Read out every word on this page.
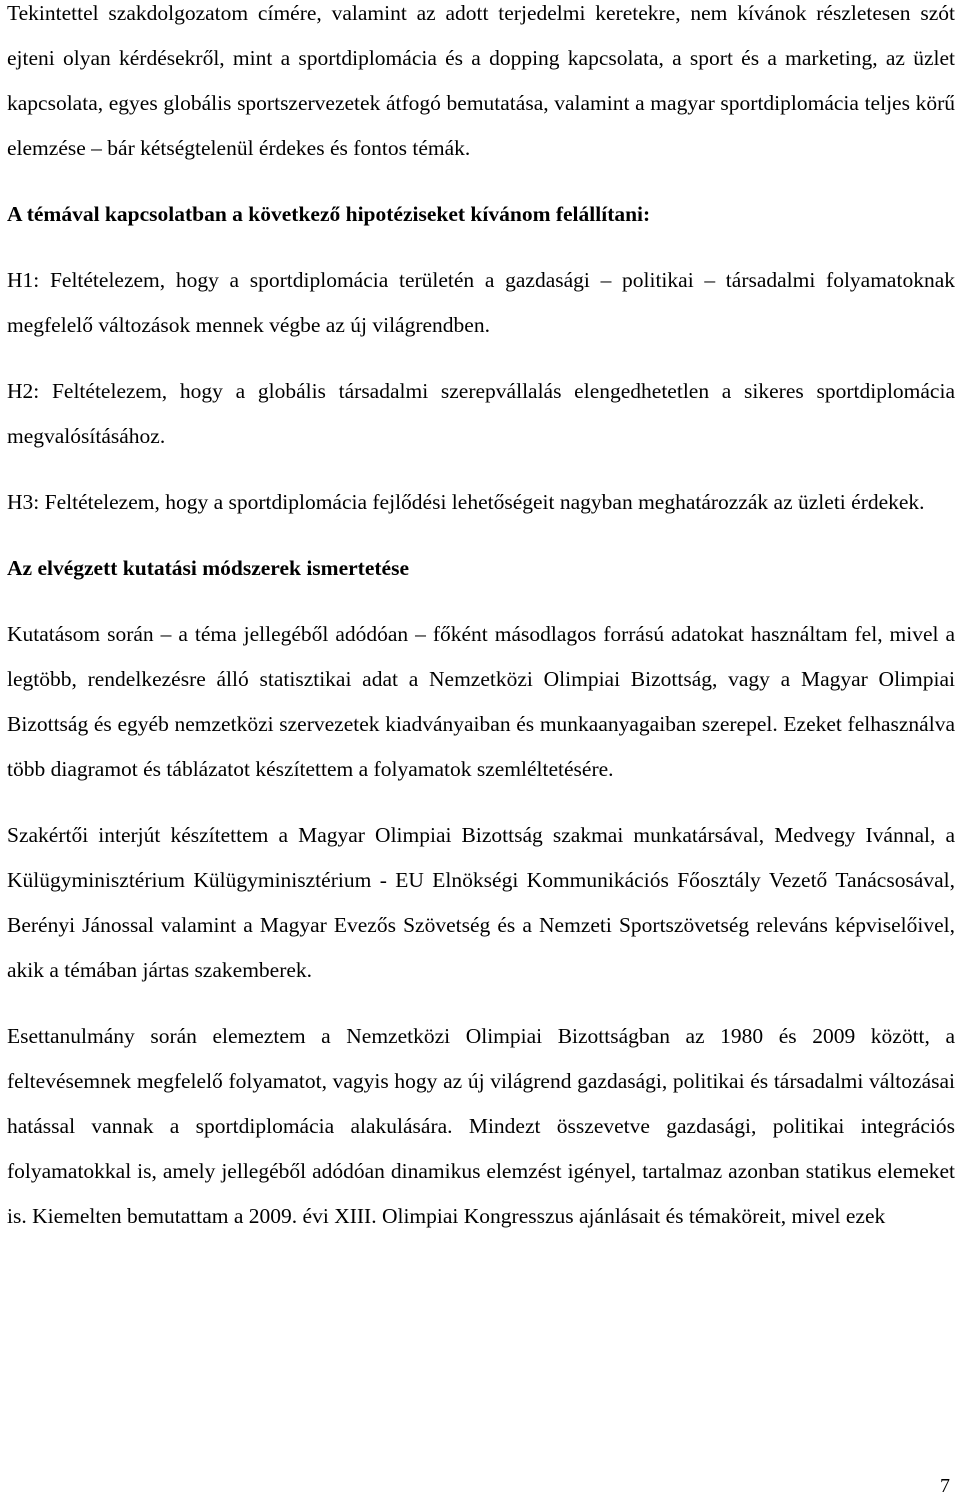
Tekintettel szakdolgozatom címére, valamint az adott terjedelmi keretekre, nem kívánok részletesen szót ejteni olyan kérdésekről, mint a sportdiplomácia és a dopping kapcsolata, a sport és a marketing, az üzlet kapcsolata, egyes globális sportszervezetek átfogó bemutatása, valamint a magyar sportdiplomácia teljes körű elemzése – bár kétségtelenül érdekes és fontos témák.

A témával kapcsolatban a következő hipotéziseket kívánom felállítani:

H1: Feltételezem, hogy a sportdiplomácia területén a gazdasági – politikai – társadalmi folyamatoknak megfelelő változások mennek végbe az új világrendben.

H2: Feltételezem, hogy a globális társadalmi szerepvállalás elengedhetetlen a sikeres sportdiplomácia megvalósításához.

H3: Feltételezem, hogy a sportdiplomácia fejlődési lehetőségeit nagyban meghatározzák az üzleti érdekek.

Az elvégzett kutatási módszerek ismertetése

Kutatásom során – a téma jellegéből adódóan – főként másodlagos forrású adatokat használtam fel, mivel a legtöbb, rendelkezésre álló statisztikai adat a Nemzetközi Olimpiai Bizottság, vagy a Magyar Olimpiai Bizottság és egyéb nemzetközi szervezetek kiadványaiban és munkaanyagaiban szerepel. Ezeket felhasználva több diagramot és táblázatot készítettem a folyamatok szemléltetésére.

Szakértői interjút készítettem a Magyar Olimpiai Bizottság szakmai munkatársával, Medvegy Ivánnal, a Külügyminisztérium Külügyminisztérium - EU Elnökségi Kommunikációs Főosztály Vezető Tanácsosával, Berényi Jánossal valamint a Magyar Evezős Szövetség és a Nemzeti Sportszövetség releváns képviselőivel, akik a témában jártas szakemberek.

Esettanulmány során elemeztem a Nemzetközi Olimpiai Bizottságban az 1980 és 2009 között, a feltevésemnek megfelelő folyamatot, vagyis hogy az új világrend gazdasági, politikai és társadalmi változásai hatással vannak a sportdiplomácia alakulására. Mindezt összevetve gazdasági, politikai integrációs folyamatokkal is, amely jellegéből adódóan dinamikus elemzést igényel, tartalmaz azonban statikus elemeket is. Kiemelten bemutattam a 2009. évi XIII. Olimpiai Kongresszus ajánlásait és témaköreit, mivel ezek

7
